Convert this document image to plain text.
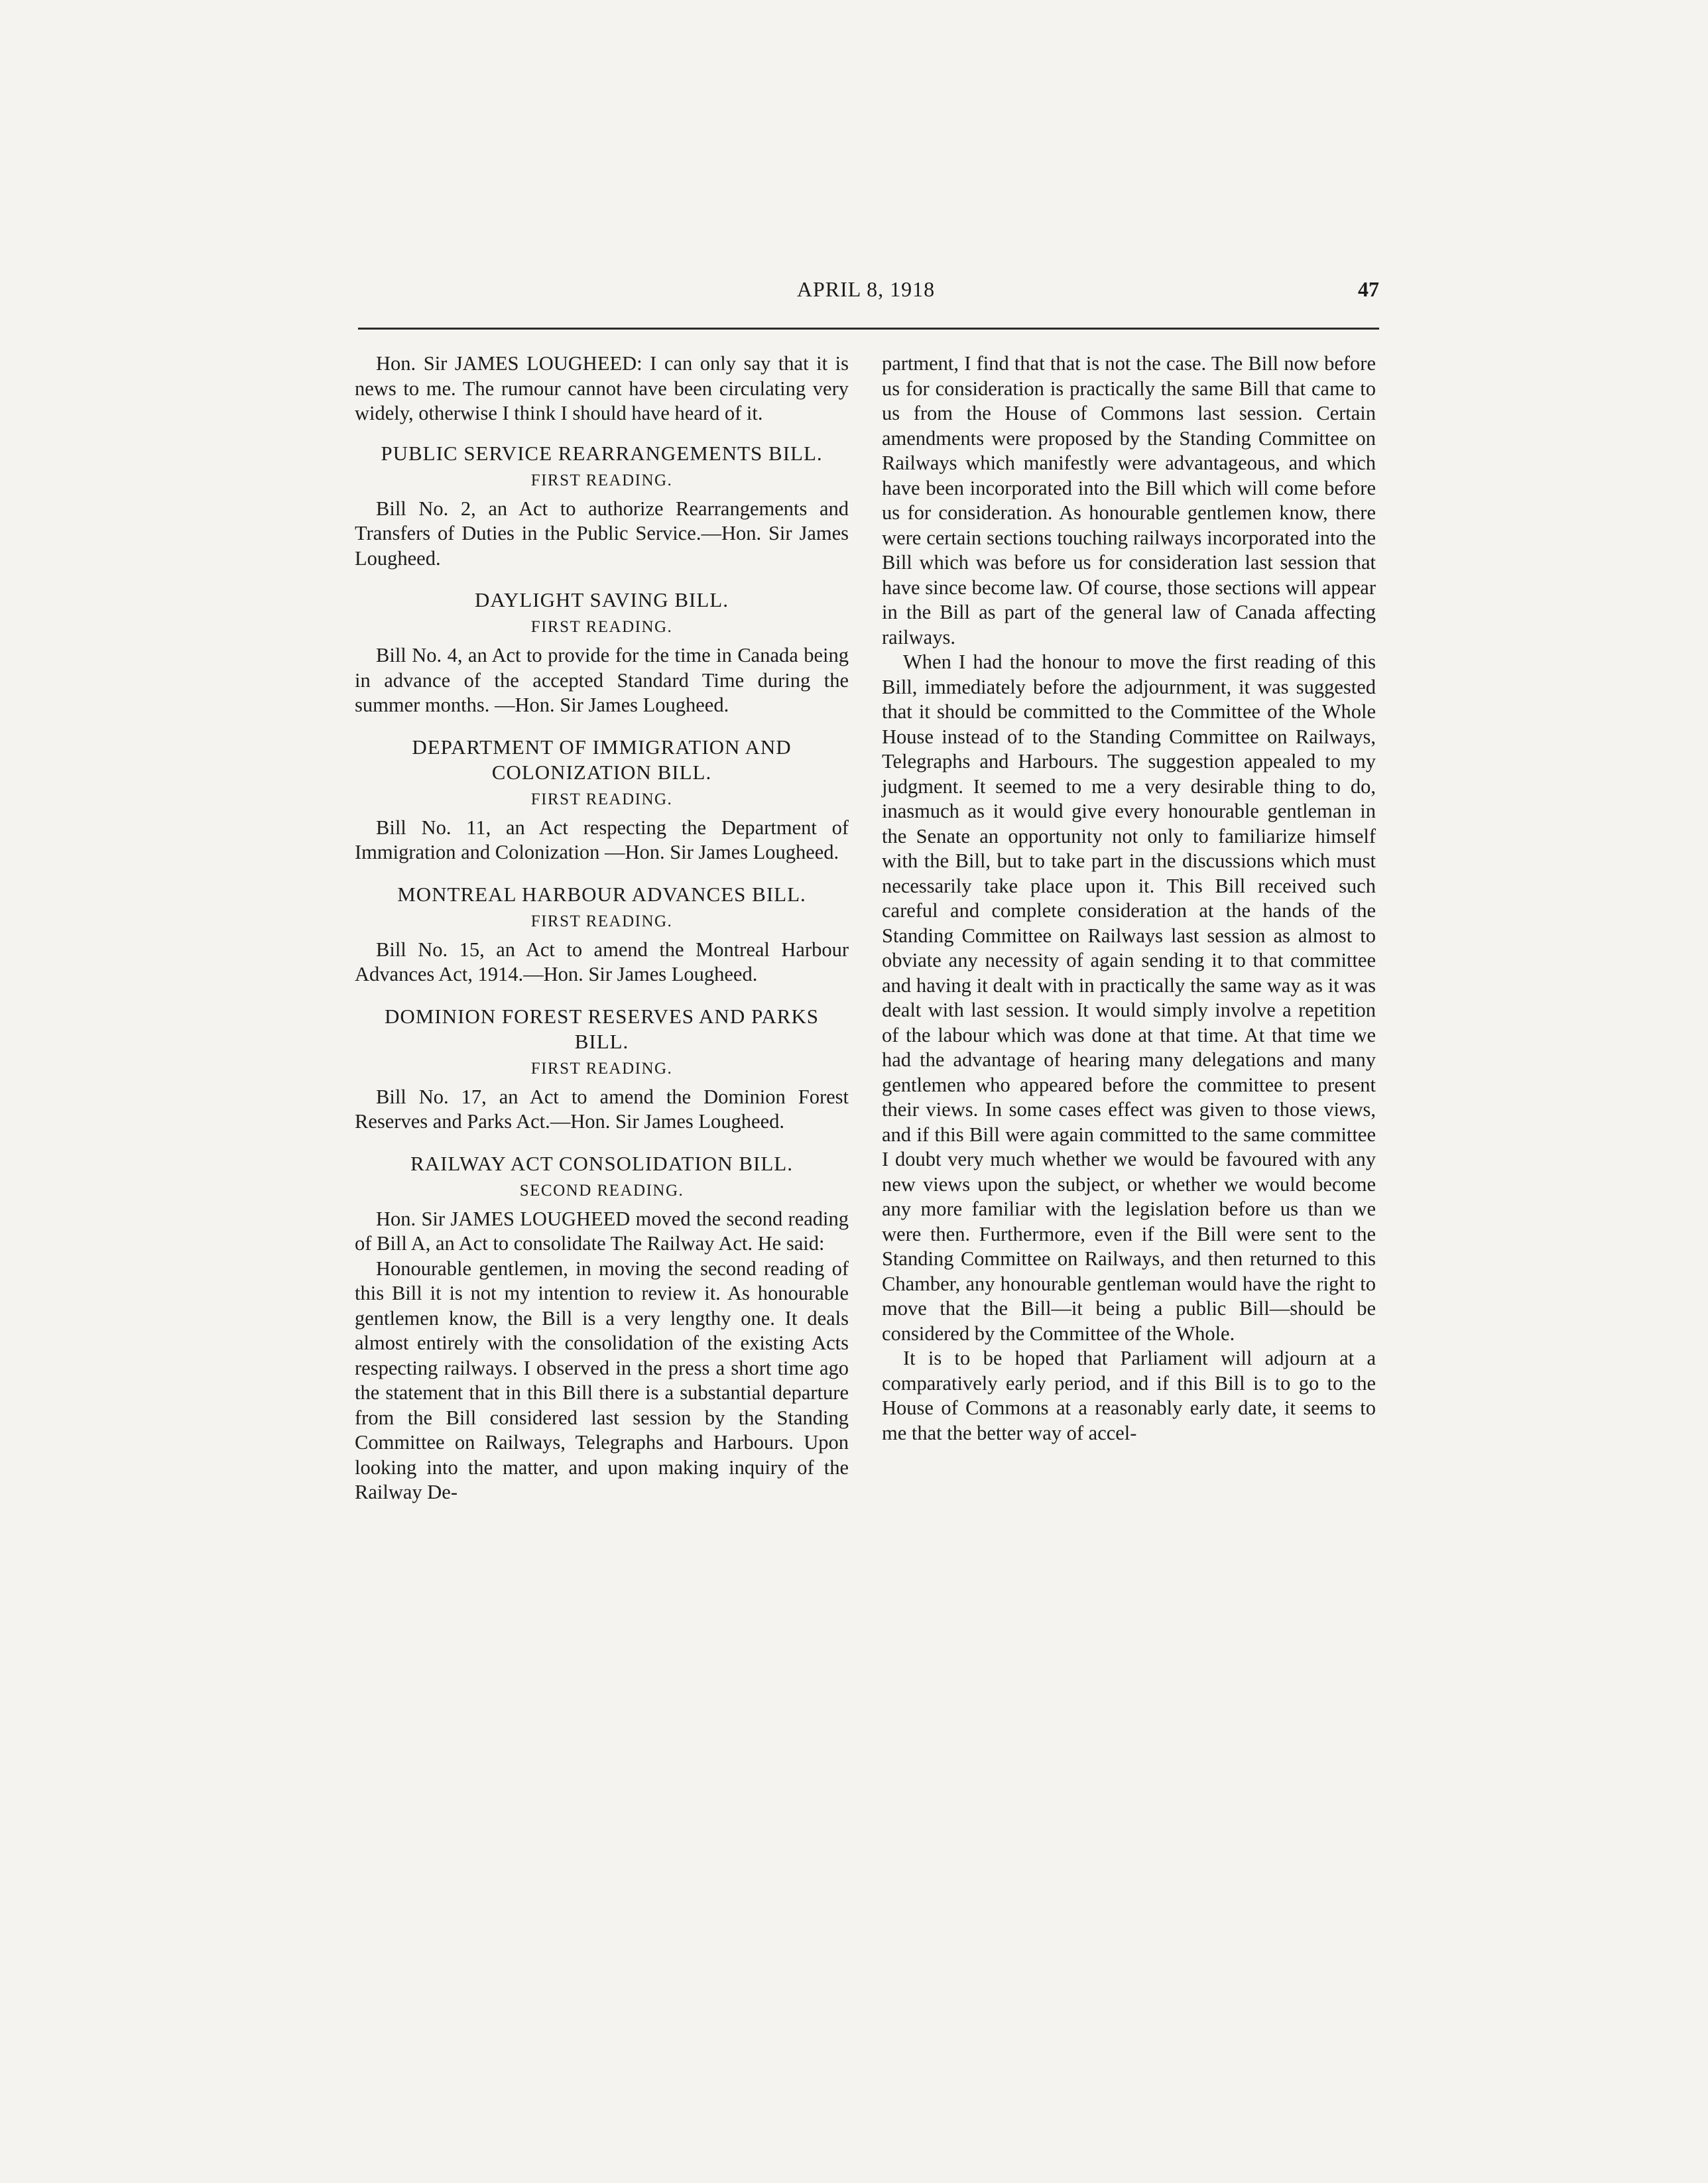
APRIL 8, 1918	47

Hon. Sir JAMES LOUGHEED: I can only say that it is news to me. The rumour cannot have been circulating very widely, otherwise I think I should have heard of it.

PUBLIC SERVICE REARRANGEMENTS BILL.
FIRST READING.

Bill No. 2, an Act to authorize Rearrangements and Transfers of Duties in the Public Service.—Hon. Sir James Lougheed.

DAYLIGHT SAVING BILL.
FIRST READING.

Bill No. 4, an Act to provide for the time in Canada being in advance of the accepted Standard Time during the summer months. —Hon. Sir James Lougheed.

DEPARTMENT OF IMMIGRATION AND COLONIZATION BILL.
FIRST READING.

Bill No. 11, an Act respecting the Department of Immigration and Colonization —Hon. Sir James Lougheed.

MONTREAL HARBOUR ADVANCES BILL.
FIRST READING.

Bill No. 15, an Act to amend the Montreal Harbour Advances Act, 1914.—Hon. Sir James Lougheed.

DOMINION FOREST RESERVES AND PARKS BILL.
FIRST READING.

Bill No. 17, an Act to amend the Dominion Forest Reserves and Parks Act.—Hon. Sir James Lougheed.

RAILWAY ACT CONSOLIDATION BILL.
SECOND READING.

Hon. Sir JAMES LOUGHEED moved the second reading of Bill A, an Act to consolidate The Railway Act. He said:

Honourable gentlemen, in moving the second reading of this Bill it is not my intention to review it. As honourable gentlemen know, the Bill is a very lengthy one. It deals almost entirely with the consolidation of the existing Acts respecting railways. I observed in the press a short time ago the statement that in this Bill there is a substantial departure from the Bill considered last session by the Standing Committee on Railways, Telegraphs and Harbours. Upon looking into the matter, and upon making inquiry of the Railway De-

partment, I find that that is not the case. The Bill now before us for consideration is practically the same Bill that came to us from the House of Commons last session. Certain amendments were proposed by the Standing Committee on Railways which manifestly were advantageous, and which have been incorporated into the Bill which will come before us for consideration. As honourable gentlemen know, there were certain sections touching railways incorporated into the Bill which was before us for consideration last session that have since become law. Of course, those sections will appear in the Bill as part of the general law of Canada affecting railways.

When I had the honour to move the first reading of this Bill, immediately before the adjournment, it was suggested that it should be committed to the Committee of the Whole House instead of to the Standing Committee on Railways, Telegraphs and Harbours. The suggestion appealed to my judgment. It seemed to me a very desirable thing to do, inasmuch as it would give every honourable gentleman in the Senate an opportunity not only to familiarize himself with the Bill, but to take part in the discussions which must necessarily take place upon it. This Bill received such careful and complete consideration at the hands of the Standing Committee on Railways last session as almost to obviate any necessity of again sending it to that committee and having it dealt with in practically the same way as it was dealt with last session. It would simply involve a repetition of the labour which was done at that time. At that time we had the advantage of hearing many delegations and many gentlemen who appeared before the committee to present their views. In some cases effect was given to those views, and if this Bill were again committed to the same committee I doubt very much whether we would be favoured with any new views upon the subject, or whether we would become any more familiar with the legislation before us than we were then. Furthermore, even if the Bill were sent to the Standing Committee on Railways, and then returned to this Chamber, any honourable gentleman would have the right to move that the Bill—it being a public Bill—should be considered by the Committee of the Whole.

It is to be hoped that Parliament will adjourn at a comparatively early period, and if this Bill is to go to the House of Commons at a reasonably early date, it seems to me that the better way of accel-
